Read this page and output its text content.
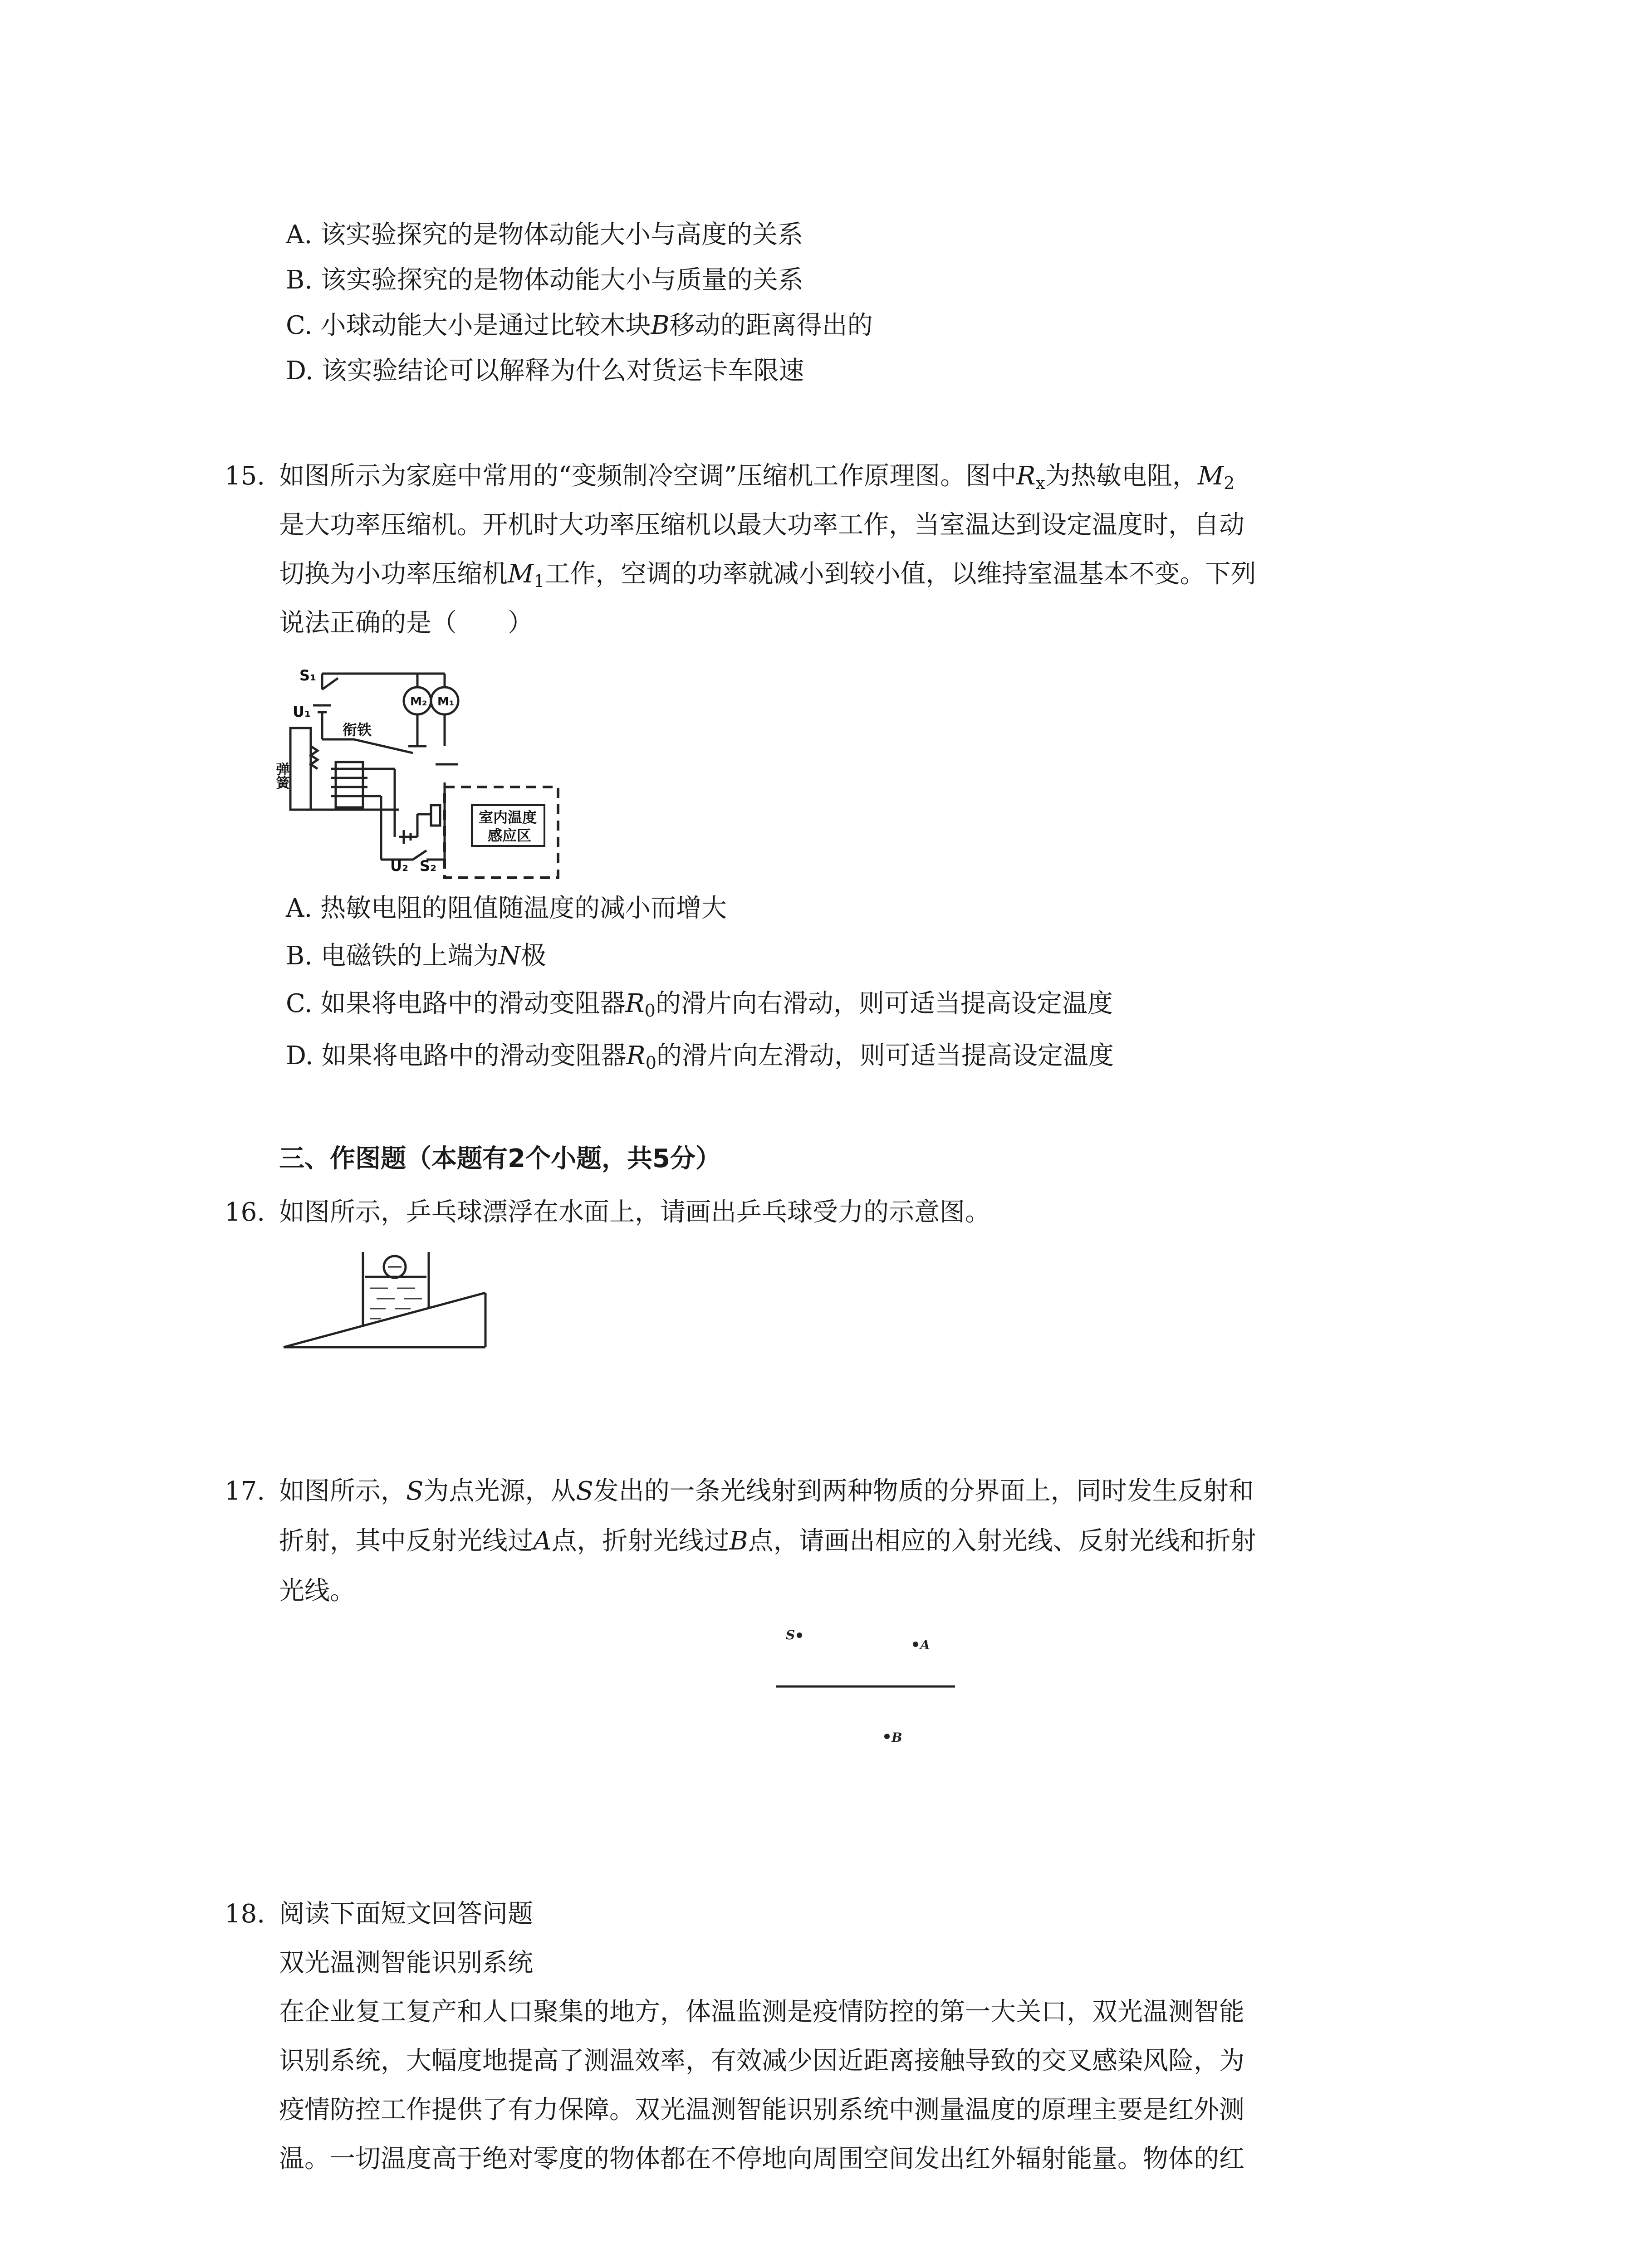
A. 该实验探究的是物体动能大小与高度的关系
B. 该实验探究的是物体动能大小与质量的关系
C. 小球动能大小是通过比较木块B移动的距离得出的
D. 该实验结论可以解释为什么对货运卡车限速
15. 如图所示为家庭中常用的“变频制冷空调”压缩机工作原理图。图中$R_x$为热敏电阻，$M_2$
是大功率压缩机。开机时大功率压缩机以最大功率工作，当室温达到设定温度时，自动
切换为小功率压缩机$M_1$工作，空调的功率就减小到较小值，以维持室温基本不变。下列
说法正确的是（　　）
S₁
U₁
衔铁
弹簧
M₂ M₁
U₂ S₂
室内温度
感应区
A. 热敏电阻的阻值随温度的减小而增大
B. 电磁铁的上端为N极
C. 如果将电路中的滑动变阻器$R_0$的滑片向右滑动，则可适当提高设定温度
D. 如果将电路中的滑动变阻器$R_0$的滑片向左滑动，则可适当提高设定温度
三、作图题（本题有2个小题，共5分）
16. 如图所示，乒乓球漂浮在水面上，请画出乒乓球受力的示意图。
17. 如图所示，S为点光源，从S发出的一条光线射到两种物质的分界面上，同时发生反射和
折射，其中反射光线过A点，折射光线过B点，请画出相应的入射光线、反射光线和折射
光线。
S
A
B
18. 阅读下面短文回答问题
双光温测智能识别系统
在企业复工复产和人口聚集的地方，体温监测是疫情防控的第一大关口，双光温测智能
识别系统，大幅度地提高了测温效率，有效减少因近距离接触导致的交叉感染风险，为
疫情防控工作提供了有力保障。双光温测智能识别系统中测量温度的原理主要是红外测
温。一切温度高于绝对零度的物体都在不停地向周围空间发出红外辐射能量。物体的红
